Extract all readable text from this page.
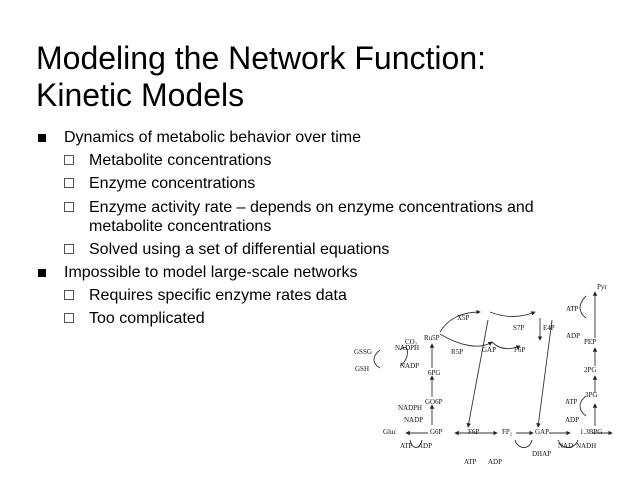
Modeling the Network Function:
Kinetic Models
Dynamics of metabolic behavior over time
Metabolite concentrations
Enzyme concentrations
Enzyme activity rate – depends on enzyme concentrations and metabolite concentrations
Solved using a set of differential equations
Impossible to model large-scale networks
Requires specific enzyme rates data
Too complicated	X5P
S7P	E4P
ATP
Pyr
Ru5P
CO₂
ADP
GSSG	NADPH	R5P	GAP	F6P
PEP
GSH	NADP
6PG	2PG
GO6P
3PG
ATP
NADPH
ADP
NADP
Gluc	G6P	F6P	FP₂	GAP	1.3BPG
ATP ADP	NAD NADH
DHAP
ATP ADP
